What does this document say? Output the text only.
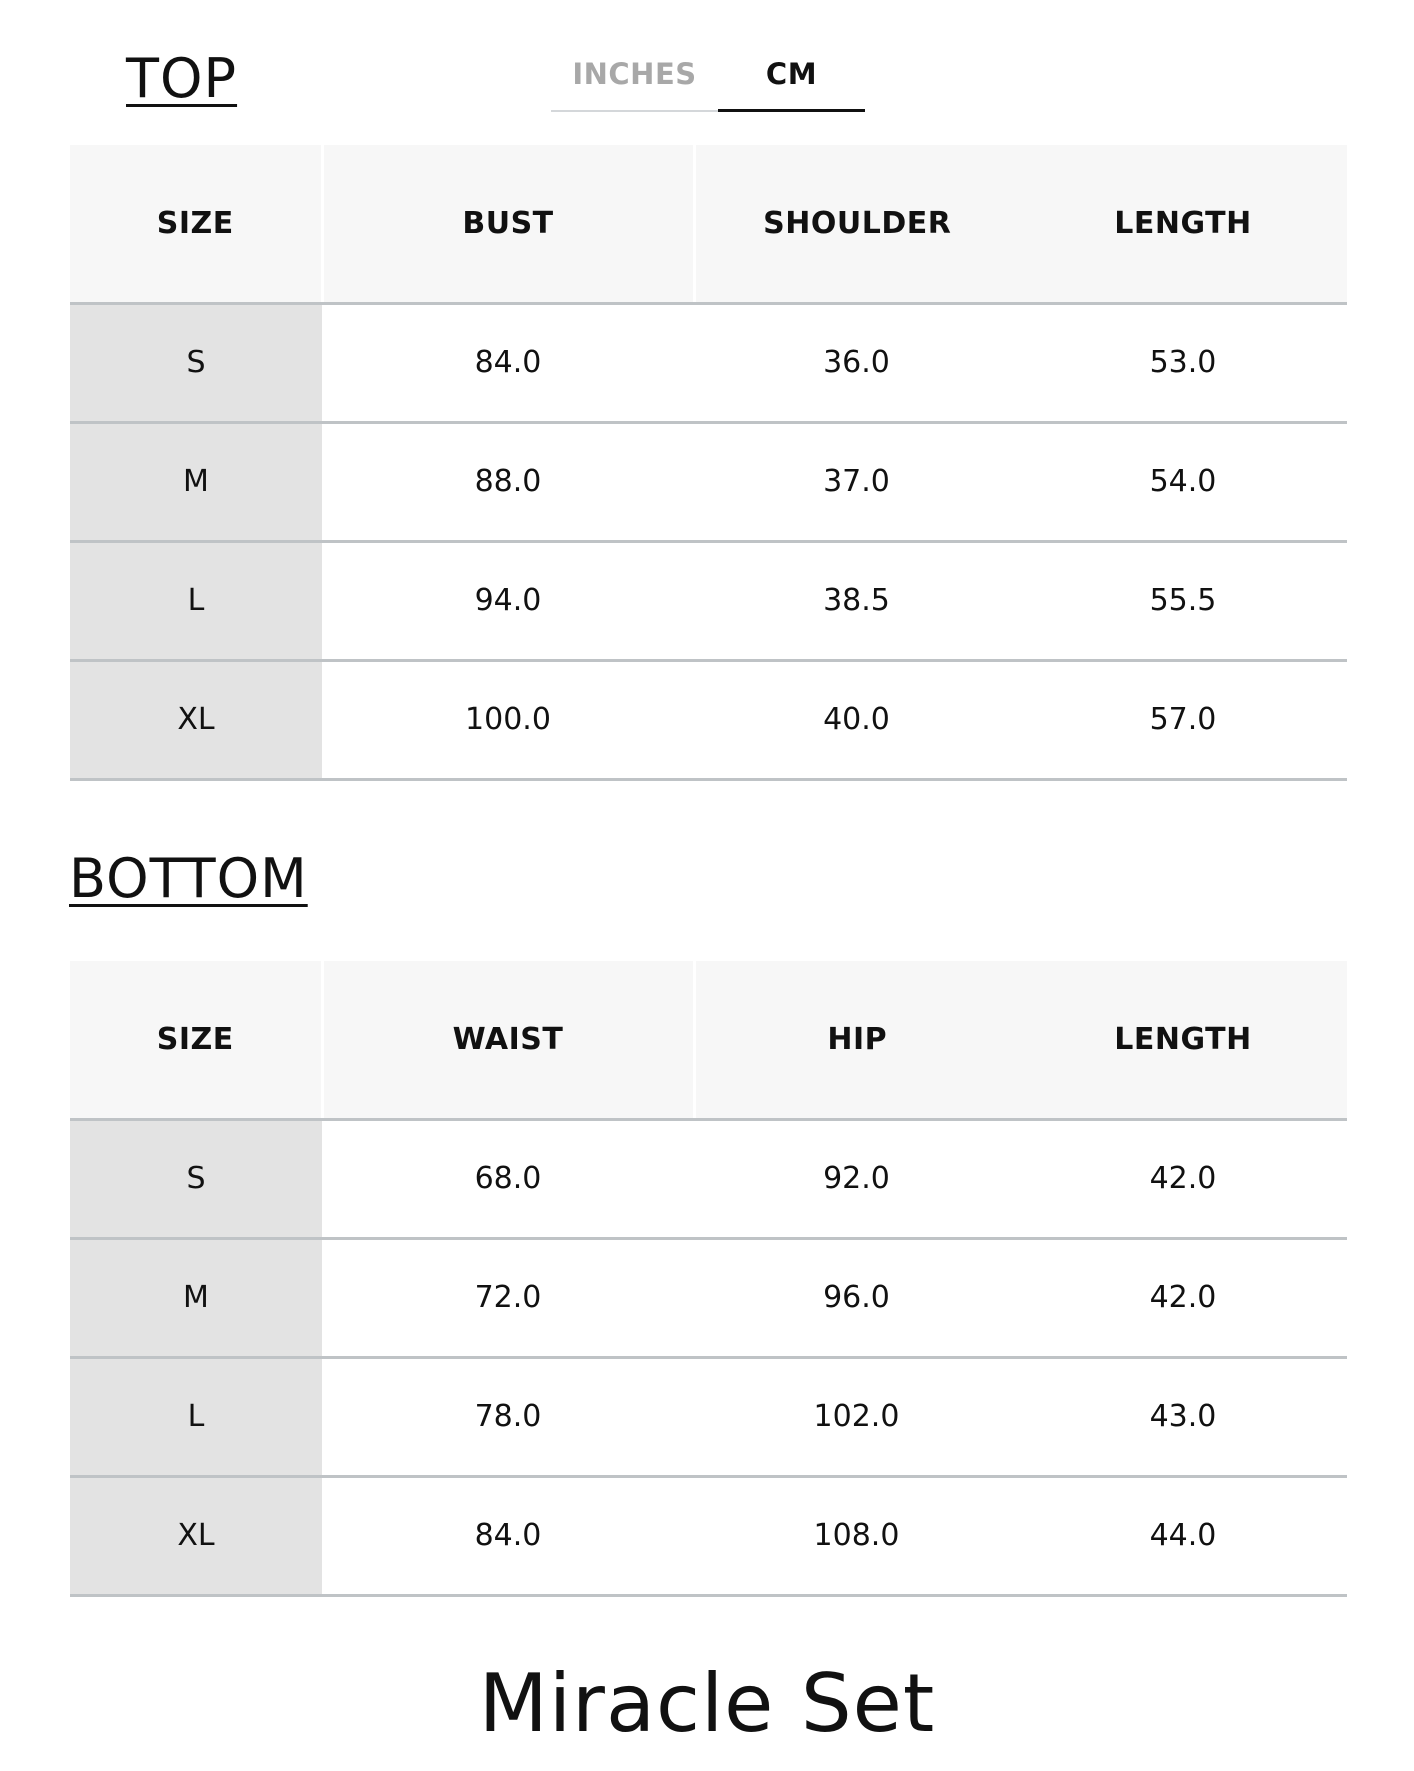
TOP	INCHES	CM
SIZE	BUST	SHOULDER	LENGTH
S	84.0	36.0	53.0
M	88.0	37.0	54.0
L	94.0	38.5	55.5
XL	100.0	40.0	57.0
BOTTOM
SIZE	WAIST	HIP	LENGTH
S	68.0	92.0	42.0
M	72.0	96.0	42.0
L	78.0	102.0	43.0
XL	84.0	108.0	44.0
Miracle Set
